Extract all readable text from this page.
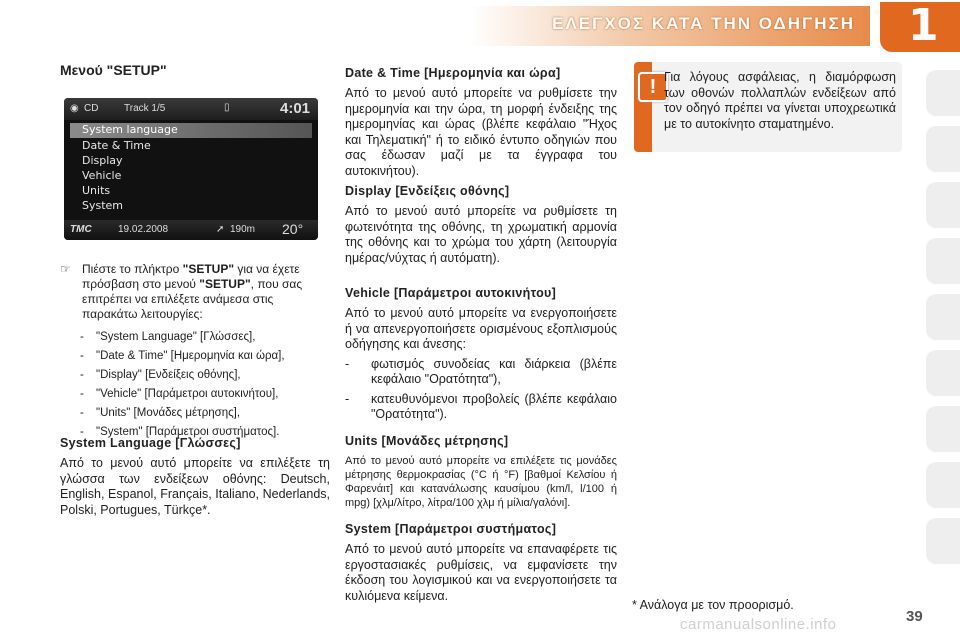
ΕΛΕΓΧΟΣ ΚΑΤΑ ΤΗΝ ΟΔΗΓΗΣΗ 1
Μενού "SETUP"
◉ CD	Track 1/5	▯	4:01
System language
Date & Time
Display
Vehicle
Units
System
TMC	19.02.2008	➚ 190m 20°
☞ Πιέστε το πλήκτρο "SETUP" για να έχετε πρόσβαση στο μενού "SETUP", που σας επιτρέπει να επιλέξετε ανάμεσα στις παρακάτω λειτουργίες:
- "System Language" [Γλώσσες],
- "Date & Time" [Ημερομηνία και ώρα],
- "Display" [Ενδείξεις οθόνης],
- "Vehicle" [Παράμετροι αυτοκινήτου],
- "Units" [Μονάδες μέτρησης],
- "System" [Παράμετροι συστήματος].
System Language [Γλώσσες]

Από το μενού αυτό μπορείτε να επιλέξετε τη γλώσσα των ενδείξεων οθόνης: Deutsch, English, Espanol, Français, Italiano, Nederlands, Polski, Portugues, Türkçe*.

Date & Time [Ημερομηνία και ώρα]

Από το μενού αυτό μπορείτε να ρυθμίσετε την ημερομηνία και την ώρα, τη μορφή ένδειξης της ημερομηνίας και ώρας (βλέπε κεφάλαιο "Ήχος και Τηλεματική" ή το ειδικό έντυπο οδηγιών που σας έδωσαν μαζί με τα έγγραφα του αυτοκινήτου).

Display [Ενδείξεις οθόνης]

Από το μενού αυτό μπορείτε να ρυθμίσετε τη φωτεινότητα της οθόνης, τη χρωματική αρμονία της οθόνης και το χρώμα του χάρτη (λειτουργία ημέρας/νύχτας ή αυτόματη).

Vehicle [Παράμετροι αυτοκινήτου]

Από το μενού αυτό μπορείτε να ενεργοποιήσετε ή να απενεργοποιήσετε ορισμένους εξοπλισμούς οδήγησης και άνεσης:

- φωτισμός συνοδείας και διάρκεια (βλέπε κεφάλαιο "Ορατότητα"),
- κατευθυνόμενοι προβολείς (βλέπε κεφάλαιο "Ορατότητα").
Units [Μονάδες μέτρησης]

Από το μενού αυτό μπορείτε να επιλέξετε τις μονάδες μέτρησης θερμοκρασίας (°C ή °F) [βαθμοί Κελσίου ή Φαρενάιτ] και κατανάλωσης καυσίμου (km/l, l/100 ή mpg) [χλμ/λίτρο, λίτρα/100 χλμ ή μίλια/γαλόνι].

System [Παράμετροι συστήματος]

Από το μενού αυτό μπορείτε να επαναφέρετε τις εργοστασιακές ρυθμίσεις, να εμφανίσετε την έκδοση του λογισμικού και να ενεργοποιήσετε τα κυλιόμενα κείμενα.

! Για λόγους ασφάλειας, η διαμόρφωση των οθονών πολλαπλών ενδείξεων από τον οδηγό πρέπει να γίνεται υποχρεωτικά με το αυτοκίνητο σταματημένο.
* Ανάλογα με τον προορισμό.
carmanualsonline.info	39
